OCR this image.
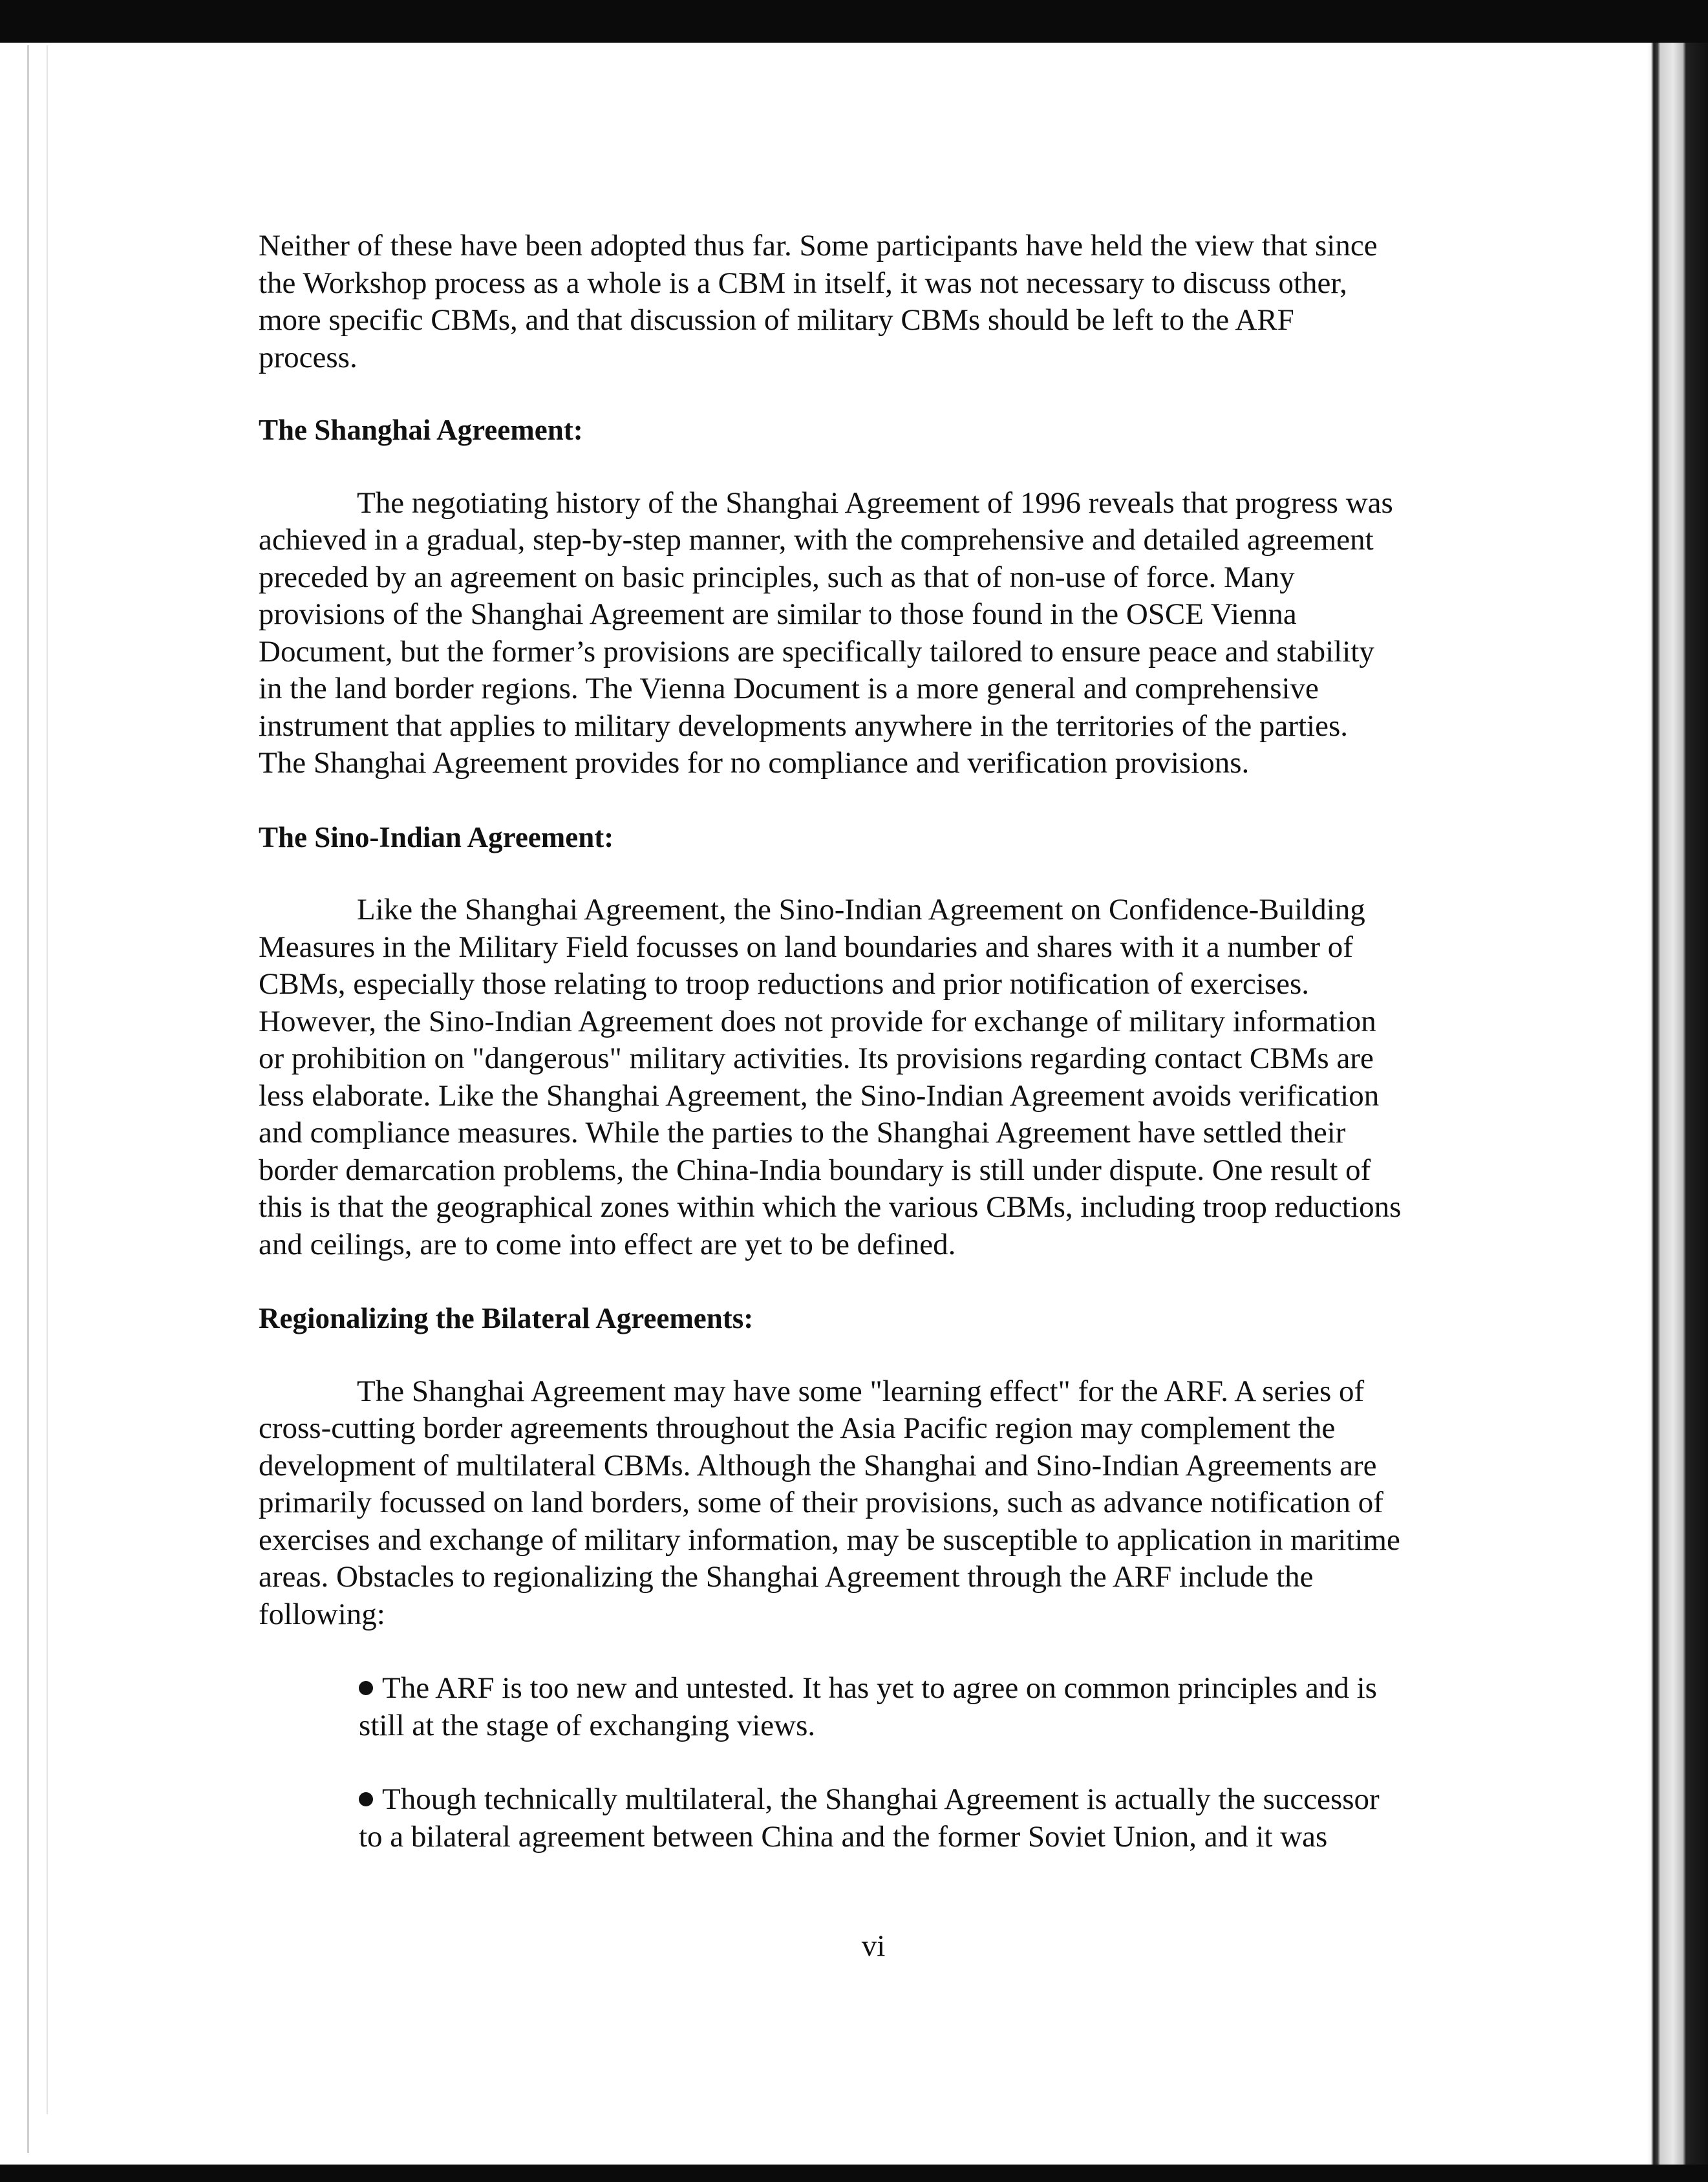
Neither of these have been adopted thus far. Some participants have held the view that since

the Workshop process as a whole is a CBM in itself, it was not necessary to discuss other,

more specific CBMs, and that discussion of military CBMs should be left to the ARF

process.

The Shanghai Agreement:

The negotiating history of the Shanghai Agreement of 1996 reveals that progress was

achieved in a gradual, step-by-step manner, with the comprehensive and detailed agreement

preceded by an agreement on basic principles, such as that of non-use of force. Many

provisions of the Shanghai Agreement are similar to those found in the OSCE Vienna

Document, but the former’s provisions are specifically tailored to ensure peace and stability

in the land border regions. The Vienna Document is a more general and comprehensive

instrument that applies to military developments anywhere in the territories of the parties.

The Shanghai Agreement provides for no compliance and verification provisions.

The Sino-Indian Agreement:

Like the Shanghai Agreement, the Sino-Indian Agreement on Confidence-Building

Measures in the Military Field focusses on land boundaries and shares with it a number of

CBMs, especially those relating to troop reductions and prior notification of exercises.

However, the Sino-Indian Agreement does not provide for exchange of military information

or prohibition on "dangerous" military activities. Its provisions regarding contact CBMs are

less elaborate. Like the Shanghai Agreement, the Sino-Indian Agreement avoids verification

and compliance measures. While the parties to the Shanghai Agreement have settled their

border demarcation problems, the China-India boundary is still under dispute. One result of

this is that the geographical zones within which the various CBMs, including troop reductions

and ceilings, are to come into effect are yet to be defined.

Regionalizing the Bilateral Agreements:

The Shanghai Agreement may have some "learning effect" for the ARF. A series of

cross-cutting border agreements throughout the Asia Pacific region may complement the

development of multilateral CBMs. Although the Shanghai and Sino-Indian Agreements are

primarily focussed on land borders, some of their provisions, such as advance notification of

exercises and exchange of military information, may be susceptible to application in maritime

areas. Obstacles to regionalizing the Shanghai Agreement through the ARF include the

following:

The ARF is too new and untested. It has yet to agree on common principles and is

still at the stage of exchanging views.

Though technically multilateral, the Shanghai Agreement is actually the successor

to a bilateral agreement between China and the former Soviet Union, and it was

vi
